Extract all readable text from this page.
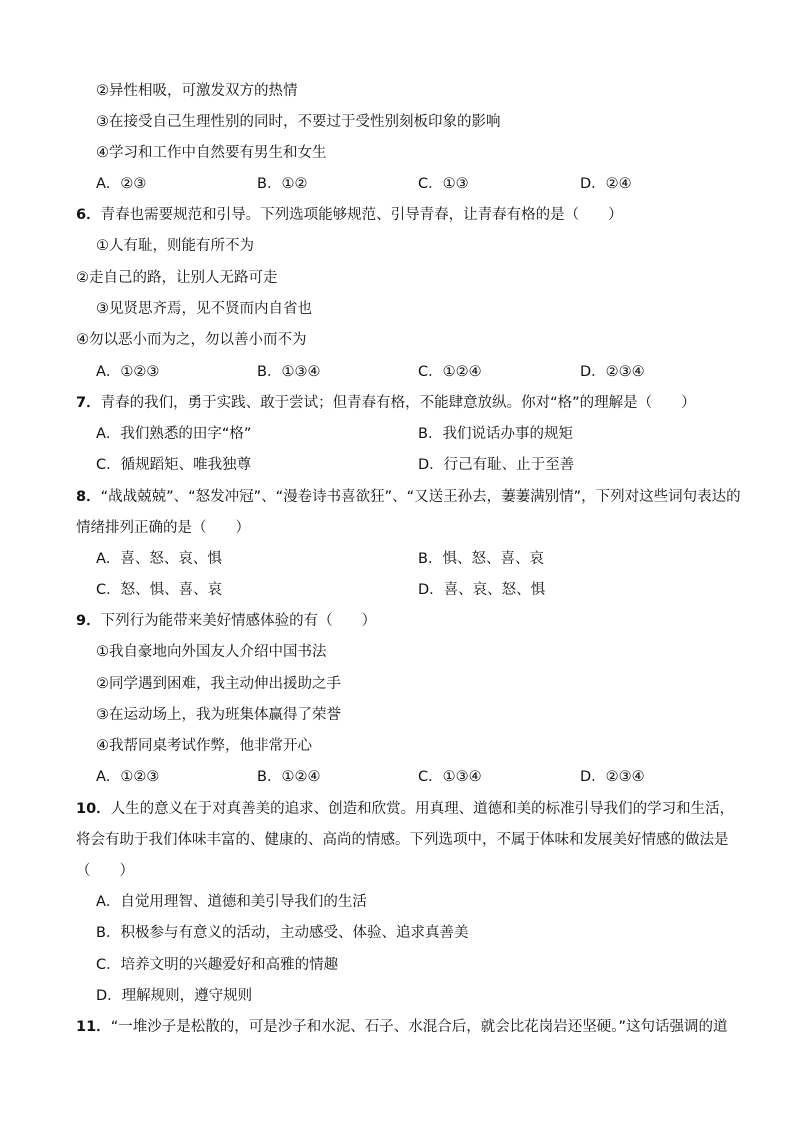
②异性相吸，可激发双方的热情
③在接受自己生理性别的同时，不要过于受性别刻板印象的影响
④学习和工作中自然要有男生和女生
A．②③	B．①②	C．①③	D．②④
6．青春也需要规范和引导。下列选项能够规范、引导青春，让青春有格的是（　　）
①人有耻，则能有所不为
②走自己的路，让别人无路可走
③见贤思齐焉，见不贤而内自省也
④勿以恶小而为之，勿以善小而不为
A．①②③	B．①③④	C．①②④	D．②③④
7．青春的我们，勇于实践、敢于尝试；但青春有格，不能肆意放纵。你对“格”的理解是（　　）
A．我们熟悉的田字“格”	B．我们说话办事的规矩
C．循规蹈矩、唯我独尊	D．行己有耻、止于至善
8．“战战兢兢”、“怒发冲冠”、“漫卷诗书喜欲狂”、“又送王孙去，萋萋满别情”，下列对这些词句表达的
情绪排列正确的是（　　）
A．喜、怒、哀、惧	B．惧、怒、喜、哀
C．怒、惧、喜、哀	D．喜、哀、怒、惧
9．下列行为能带来美好情感体验的有（　　）
①我自豪地向外国友人介绍中国书法
②同学遇到困难，我主动伸出援助之手
③在运动场上，我为班集体赢得了荣誉
④我帮同桌考试作弊，他非常开心
A．①②③	B．①②④	C．①③④	D．②③④
10．人生的意义在于对真善美的追求、创造和欣赏。用真理、道德和美的标准引导我们的学习和生活，
将会有助于我们体味丰富的、健康的、高尚的情感。下列选项中，不属于体味和发展美好情感的做法是
（　　）
A．自觉用理智、道德和美引导我们的生活
B．积极参与有意义的活动，主动感受、体验、追求真善美
C．培养文明的兴趣爱好和高雅的情趣
D．理解规则，遵守规则
11．“一堆沙子是松散的，可是沙子和水泥、石子、水混合后，就会比花岗岩还坚硬。”这句话强调的道
